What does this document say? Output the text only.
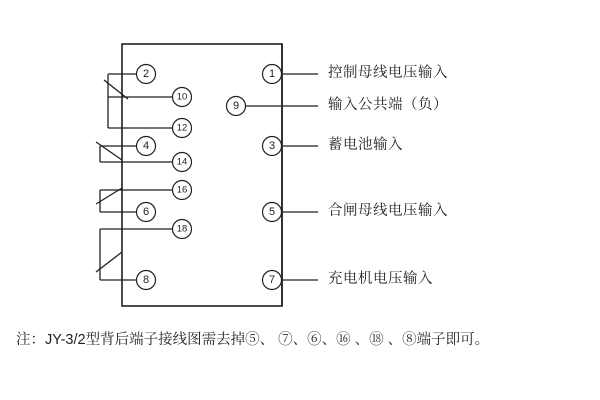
1
9
3
5
7
2
10
12
4
14
16
6
18
8
控制母线电压输入
输入公共端（负）
蓄电池输入
合闸母线电压输入
充电机电压输入
注：JY-3/2型背后端子接线图需去掉⑤、 ⑦、⑥、⑯ 、⑱ 、⑧端子即可。
